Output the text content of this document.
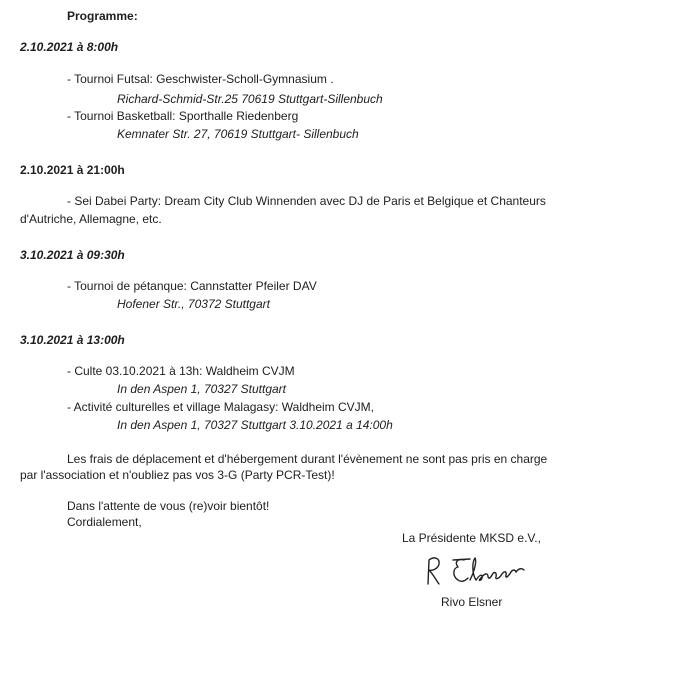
Programme:
2.10.2021 à 8:00h
- Tournoi Futsal: Geschwister-Scholl-Gymnasium .
Richard-Schmid-Str.25 70619 Stuttgart-Sillenbuch
- Tournoi Basketball: Sporthalle Riedenberg
Kemnater Str. 27, 70619 Stuttgart- Sillenbuch
2.10.2021 à 21:00h
- Sei Dabei Party: Dream City Club Winnenden avec DJ de Paris et Belgique et Chanteurs
d'Autriche, Allemagne, etc.
3.10.2021 à 09:30h
- Tournoi de pétanque: Cannstatter Pfeiler DAV
Hofener Str., 70372 Stuttgart
3.10.2021 à 13:00h
- Culte 03.10.2021 à 13h: Waldheim CVJM
In den Aspen 1, 70327 Stuttgart
- Activité culturelles et village Malagasy: Waldheim CVJM,
In den Aspen 1, 70327 Stuttgart 3.10.2021 a 14:00h
Les frais de déplacement et d'hébergement durant l'évènement ne sont pas pris en charge
par l'association et n'oubliez pas vos 3-G (Party PCR-Test)!
Dans l'attente de vous (re)voir bientôt!
Cordialement,
La Présidente MKSD e.V.,
Rivo Elsner
